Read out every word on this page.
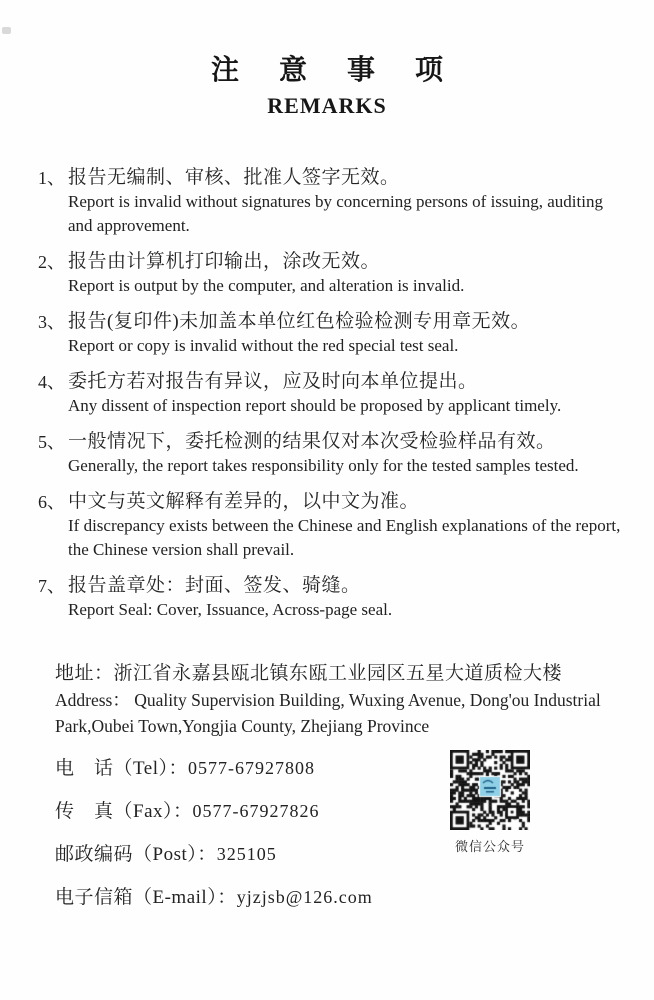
注意事项
REMARKS
1、 报告无编制、审核、批准人签字无效。
Report is invalid without signatures by concerning persons of issuing, auditing and approvement.
2、 报告由计算机打印输出，涂改无效。
Report is output by the computer, and alteration is invalid.
3、 报告(复印件)未加盖本单位红色检验检测专用章无效。
Report or copy is invalid without the red special test seal.
4、 委托方若对报告有异议，应及时向本单位提出。
Any dissent of inspection report should be proposed by applicant timely.
5、 一般情况下，委托检测的结果仅对本次受检验样品有效。
Generally, the report takes responsibility only for the tested samples tested.
6、 中文与英文解释有差异的，以中文为准。
If discrepancy exists between the Chinese and English explanations of the report, the Chinese version shall prevail.
7、 报告盖章处：封面、签发、骑缝。
Report Seal: Cover, Issuance, Across-page seal.
地址：浙江省永嘉县瓯北镇东瓯工业园区五星大道质检大楼
Address： Quality Supervision Building, Wuxing Avenue, Dong'ou Industrial Park,Oubei Town,Yongjia County, Zhejiang Province
电　话（Tel）：0577-67927808
传　真（Fax）：0577-67927826
邮政编码（Post）：325105
电子信箱（E-mail）：yjzjsb@126.com
微信公众号
